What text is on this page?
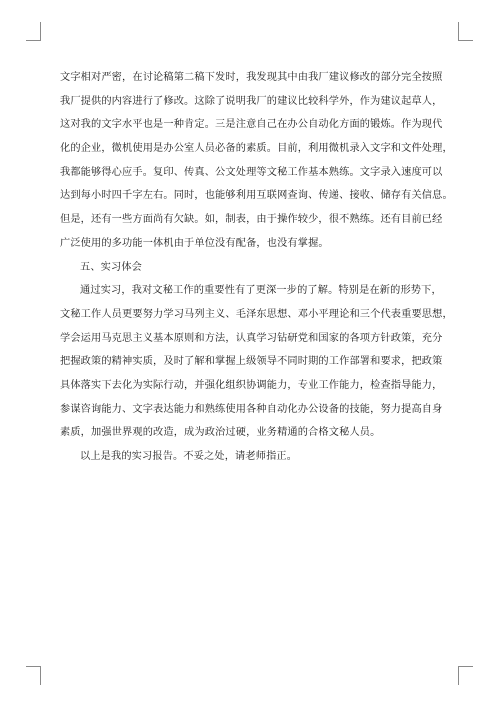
文字相对严密，在讨论稿第二稿下发时，我发现其中由我厂建议修改的部分完全按照
我厂提供的内容进行了修改。这除了说明我厂的建议比较科学外，作为建议起草人，
这对我的文字水平也是一种肯定。三是注意自己在办公自动化方面的锻炼。作为现代
化的企业，微机使用是办公室人员必备的素质。目前，利用微机录入文字和文件处理，
我都能够得心应手。复印、传真、公文处理等文秘工作基本熟练。文字录入速度可以
达到每小时四千字左右。同时，也能够利用互联网查询、传递、接收、储存有关信息。
但是，还有一些方面尚有欠缺。如，制表，由于操作较少，很不熟练。还有目前已经
广泛使用的多功能一体机由于单位没有配备，也没有掌握。
五、实习体会
通过实习，我对文秘工作的重要性有了更深一步的了解。特别是在新的形势下，
文秘工作人员更要努力学习马列主义、毛泽东思想、邓小平理论和三个代表重要思想，
学会运用马克思主义基本原则和方法，认真学习钻研党和国家的各项方针政策，充分
把握政策的精神实质，及时了解和掌握上级领导不同时期的工作部署和要求，把政策
具体落实下去化为实际行动，并强化组织协调能力，专业工作能力，检查指导能力，
参谋咨询能力、文字表达能力和熟练使用各种自动化办公设备的技能，努力提高自身
素质，加强世界观的改造，成为政治过硬，业务精通的合格文秘人员。
以上是我的实习报告。不妥之处，请老师指正。
